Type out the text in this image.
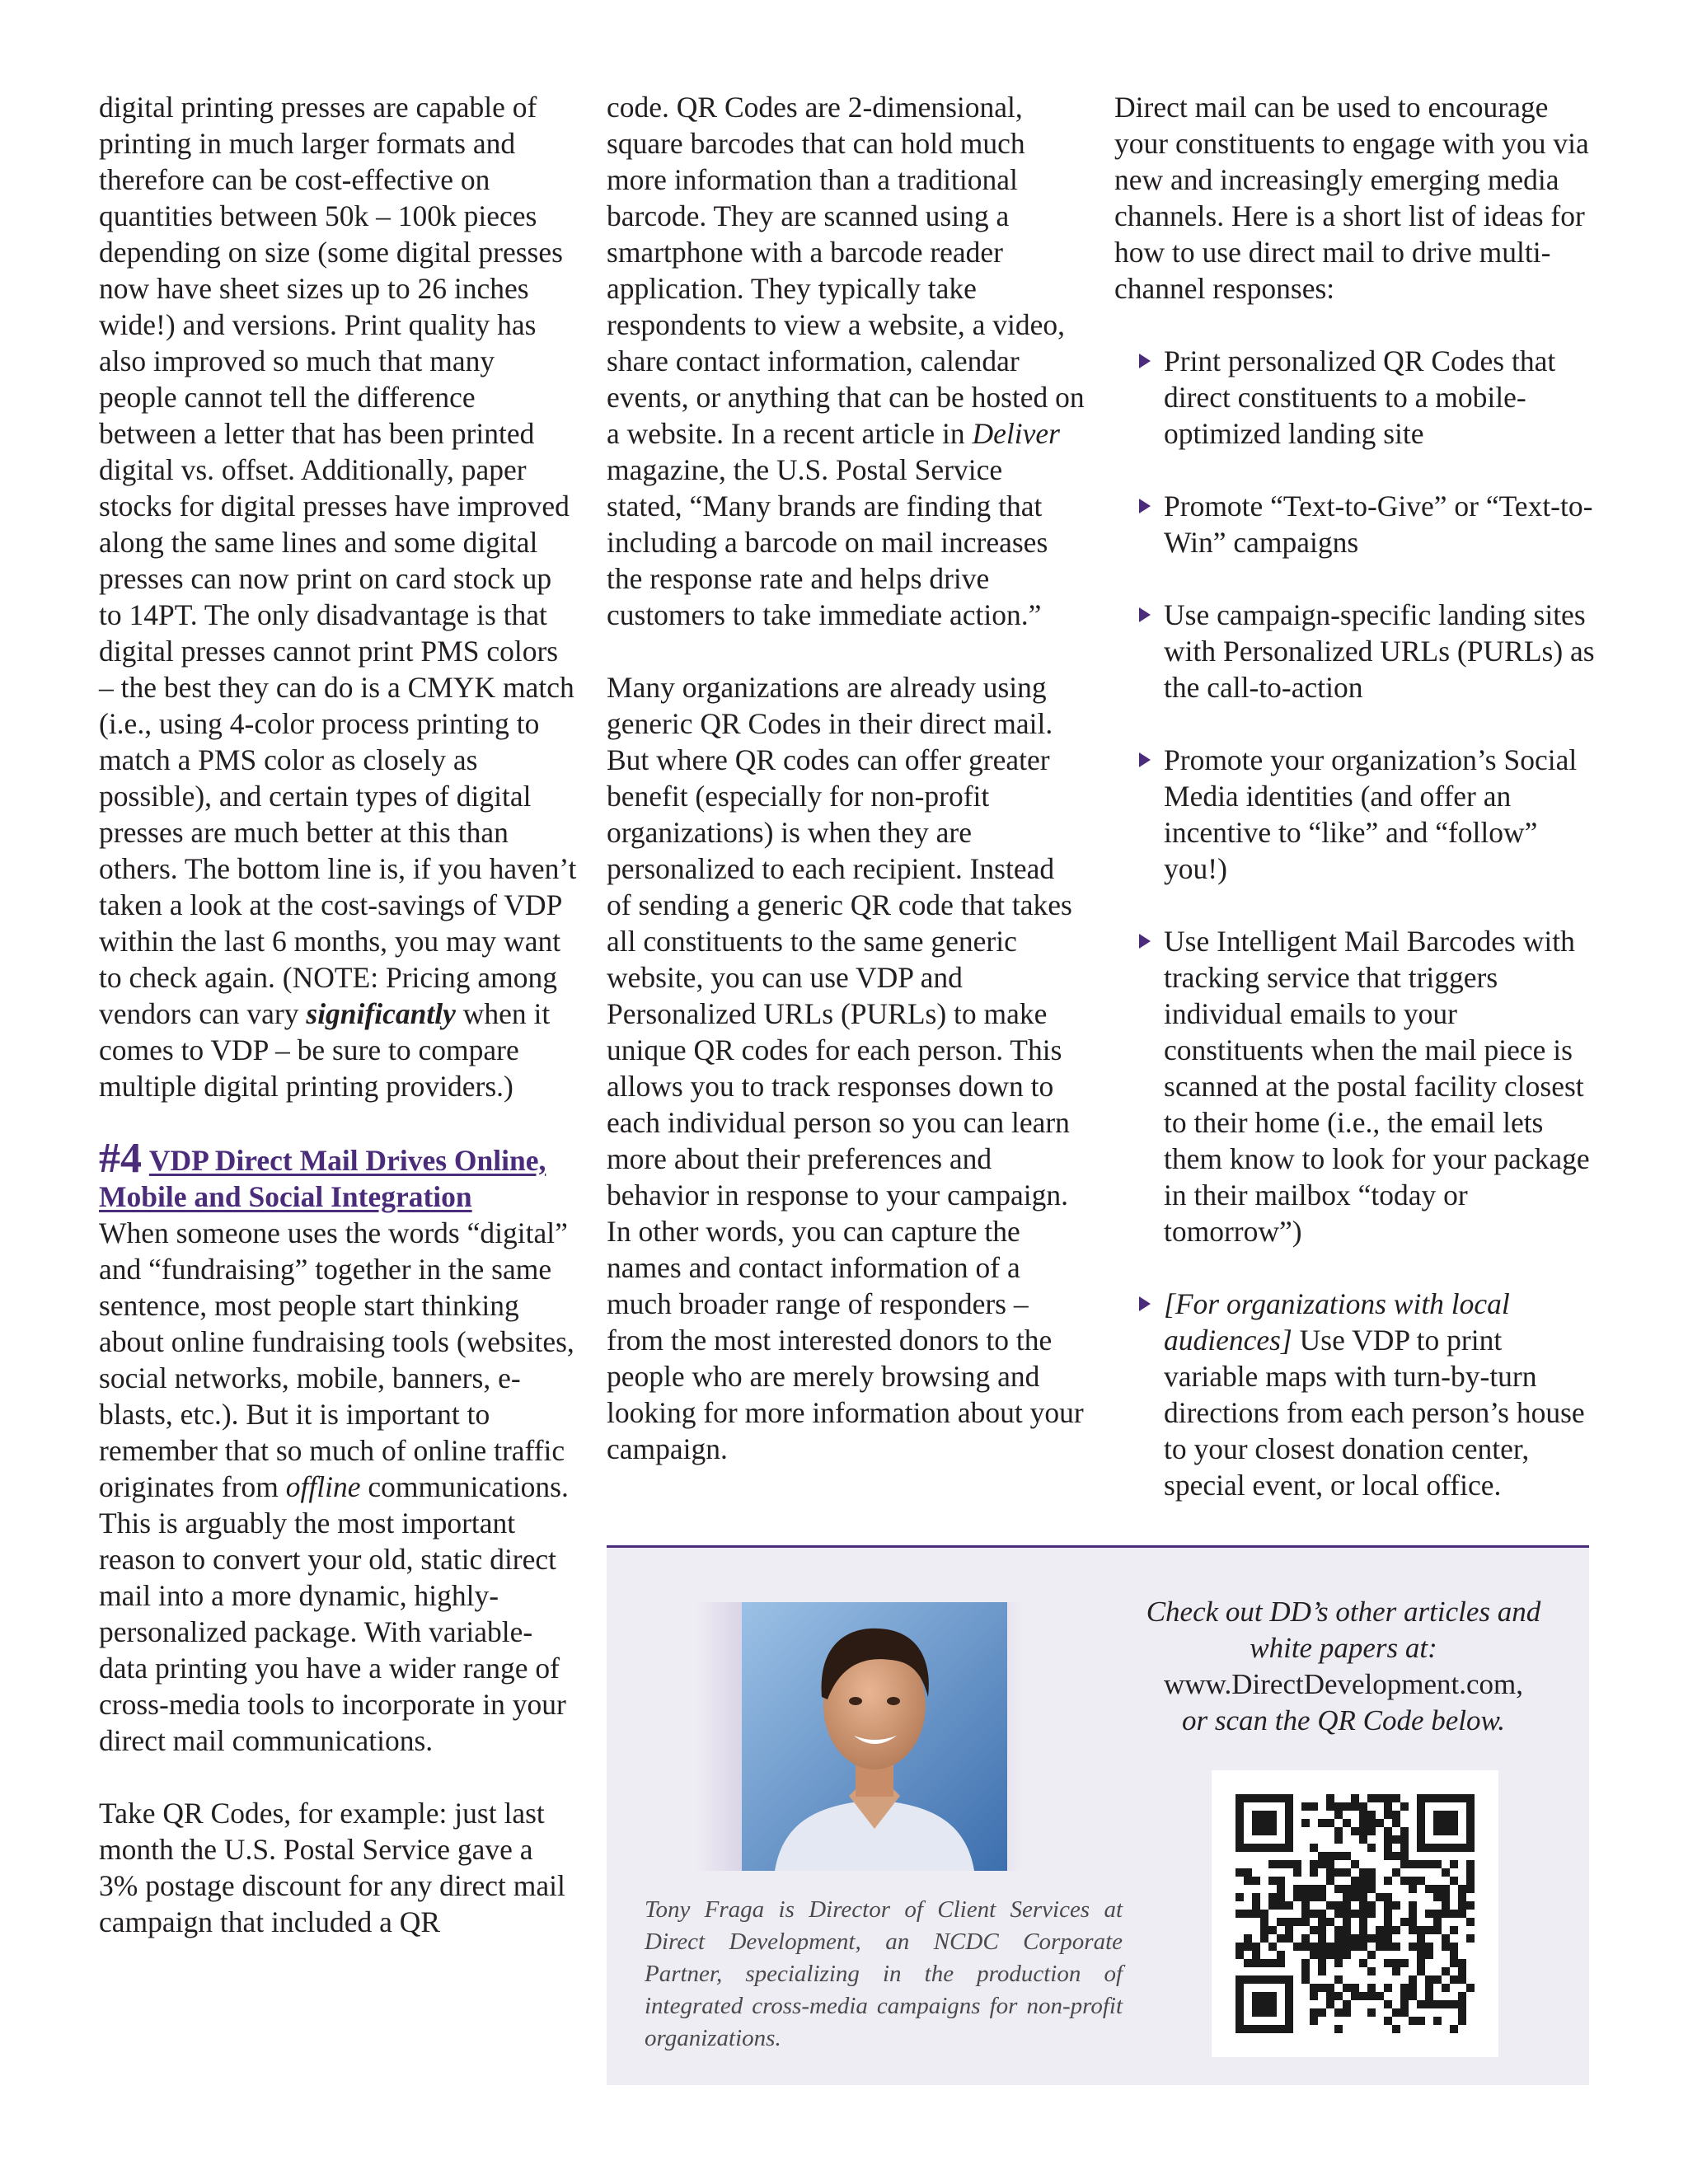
digital printing presses are capable of printing in much larger formats and therefore can be cost-effective on quantities between 50k – 100k pieces depending on size (some digital presses now have sheet sizes up to 26 inches wide!) and versions. Print quality has also improved so much that many people cannot tell the difference between a letter that has been printed digital vs. offset. Additionally, paper stocks for digital presses have improved along the same lines and some digital presses can now print on card stock up to 14PT. The only disadvantage is that digital presses cannot print PMS colors – the best they can do is a CMYK match (i.e., using 4-color process printing to match a PMS color as closely as possible), and certain types of digital presses are much better at this than others. The bottom line is, if you haven’t taken a look at the cost-savings of VDP within the last 6 months, you may want to check again. (NOTE: Pricing among vendors can vary significantly when it comes to VDP – be sure to compare multiple digital printing providers.)

#4 VDP Direct Mail Drives Online, Mobile and Social Integration

When someone uses the words “digital” and “fundraising” together in the same sentence, most people start thinking about online fundraising tools (websites, social networks, mobile, banners, e-blasts, etc.). But it is important to remember that so much of online traffic originates from offline communications. This is arguably the most important reason to convert your old, static direct mail into a more dynamic, highly-personalized package. With variable-data printing you have a wider range of cross-media tools to incorporate in your direct mail communications.

Take QR Codes, for example: just last month the U.S. Postal Service gave a 3% postage discount for any direct mail campaign that included a QR

code. QR Codes are 2-dimensional, square barcodes that can hold much more information than a traditional barcode. They are scanned using a smartphone with a barcode reader application. They typically take respondents to view a website, a video, share contact information, calendar events, or anything that can be hosted on a website. In a recent article in Deliver magazine, the U.S. Postal Service stated, “Many brands are finding that including a barcode on mail increases the response rate and helps drive customers to take immediate action.”

Many organizations are already using generic QR Codes in their direct mail. But where QR codes can offer greater benefit (especially for non-profit organizations) is when they are personalized to each recipient. Instead of sending a generic QR code that takes all constituents to the same generic website, you can use VDP and Personalized URLs (PURLs) to make unique QR codes for each person. This allows you to track responses down to each individual person so you can learn more about their preferences and behavior in response to your campaign. In other words, you can capture the names and contact information of a much broader range of responders – from the most interested donors to the people who are merely browsing and looking for more information about your campaign.

Direct mail can be used to encourage your constituents to engage with you via new and increasingly emerging media channels. Here is a short list of ideas for how to use direct mail to drive multi-channel responses:

Print personalized QR Codes that direct constituents to a mobile-optimized landing site
Promote “Text-to-Give” or “Text-to-Win” campaigns
Use campaign-specific landing sites with Personalized URLs (PURLs) as the call-to-action
Promote your organization’s Social Media identities (and offer an incentive to “like” and “follow” you!)
Use Intelligent Mail Barcodes with tracking service that triggers individual emails to your constituents when the mail piece is scanned at the postal facility closest to their home (i.e., the email lets them know to look for your package in their mailbox “today or tomorrow”)
[For organizations with local audiences] Use VDP to print variable maps with turn-by-turn directions from each person’s house to your closest donation center, special event, or local office.
Tony Fraga is Director of Client Services at Direct Development, an NCDC Corporate Partner, specializing in the production of integrated cross-media campaigns for non-profit organizations.
Check out DD’s other articles and white papers at:
www.DirectDevelopment.com,
or scan the QR Code below.
